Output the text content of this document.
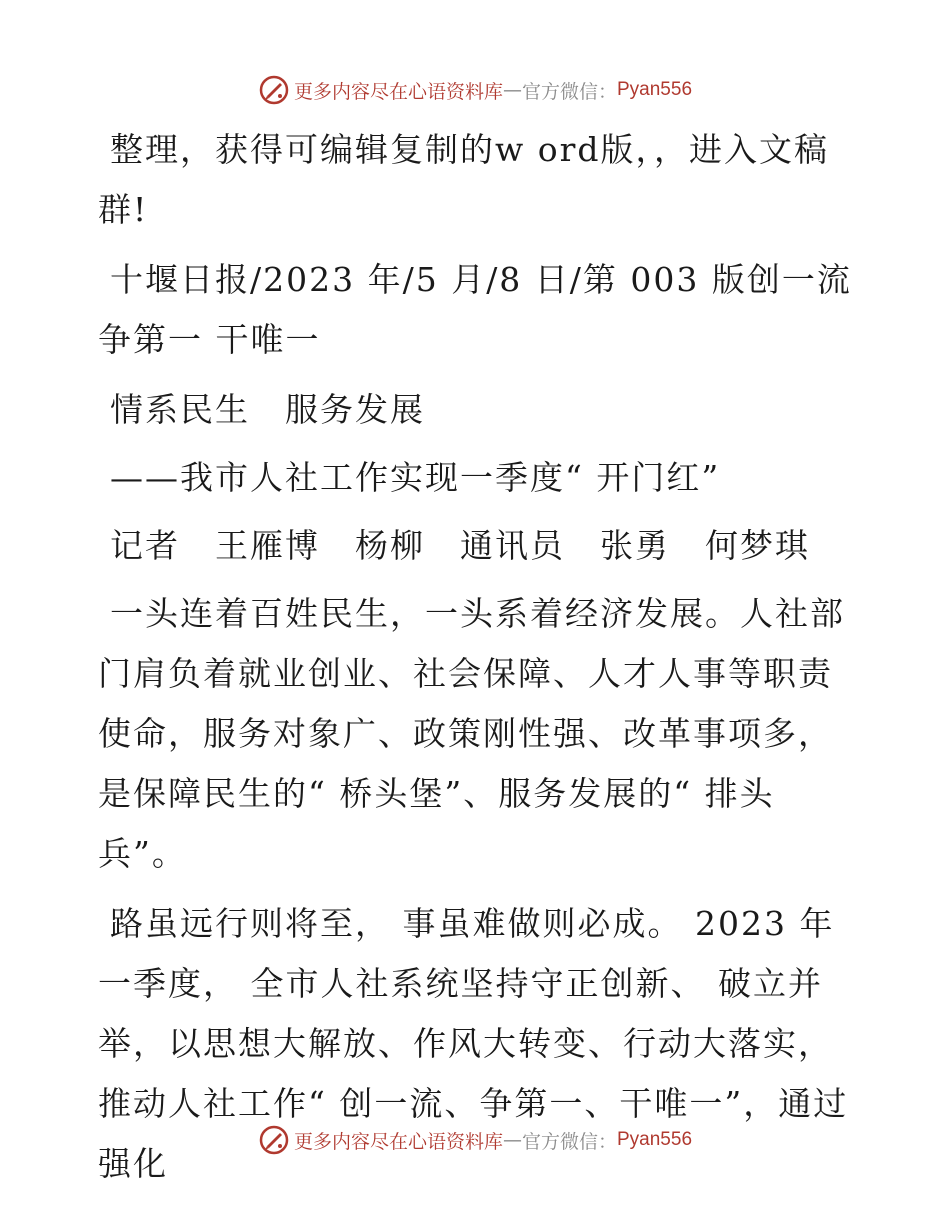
更多内容尽在心语资料库 — 官方微信： Pyan556

整理，获得可编辑复制的w ord版，，进入文稿群!

十堰日报/2023 年/5 月/8 日/第 003 版创一流争第一 干唯一

情系民生　服务发展

——我市人社工作实现一季度“ 开门红”

记者　王雁博　杨柳　通讯员　张勇　何梦琪

一头连着百姓民生，一头系着经济发展。人社部门肩负着就业创业、社会保障、人才人事等职责使命，服务对象广、政策刚性强、改革事项多，是保障民生的“ 桥头堡”、服务发展的“ 排头兵”。

路虽远行则将至， 事虽难做则必成。 2023 年一季度， 全市人社系统坚持守正创新、 破立并举，以思想大解放、作风大转变、行动大落实，推动人社工作“ 创一流、争第一、干唯一”，通过强化

更多内容尽在心语资料库 — 官方微信： Pyan556
